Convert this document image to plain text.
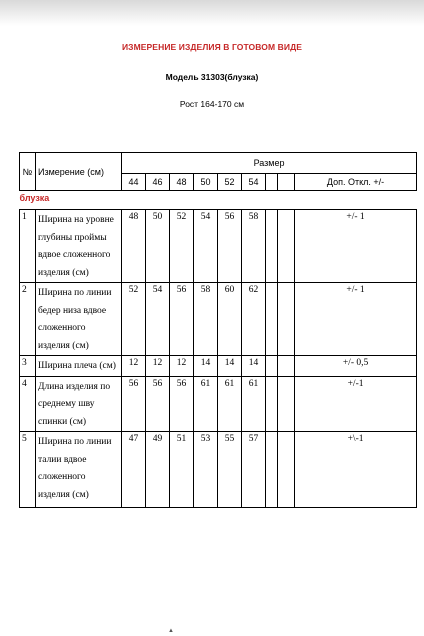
ИЗМЕРЕНИЕ ИЗДЕЛИЯ В ГОТОВОМ ВИДЕ
Модель 31303(блузка)
Рост 164-170 см
№	Измерение (см)	Размер								
		44	46	48	50	52	54			Доп. Откл. +/-
блузка										
1	Ширина на уровне глубины проймы вдвое сложенного изделия (см)	48	50	52	54	56	58			+/- 1
2	Ширина по линии бедер низа вдвое сложенного изделия (см)	52	54	56	58	60	62			+/- 1
3	Ширина плеча (см)	12	12	12	14	14	14			+/- 0,5
4	Длина изделия по среднему шву спинки (см)	56	56	56	61	61	61			+/-1
5	Ширина по линии талии вдвое сложенного изделия (см)	47	49	51	53	55	57			+\-1
▲
